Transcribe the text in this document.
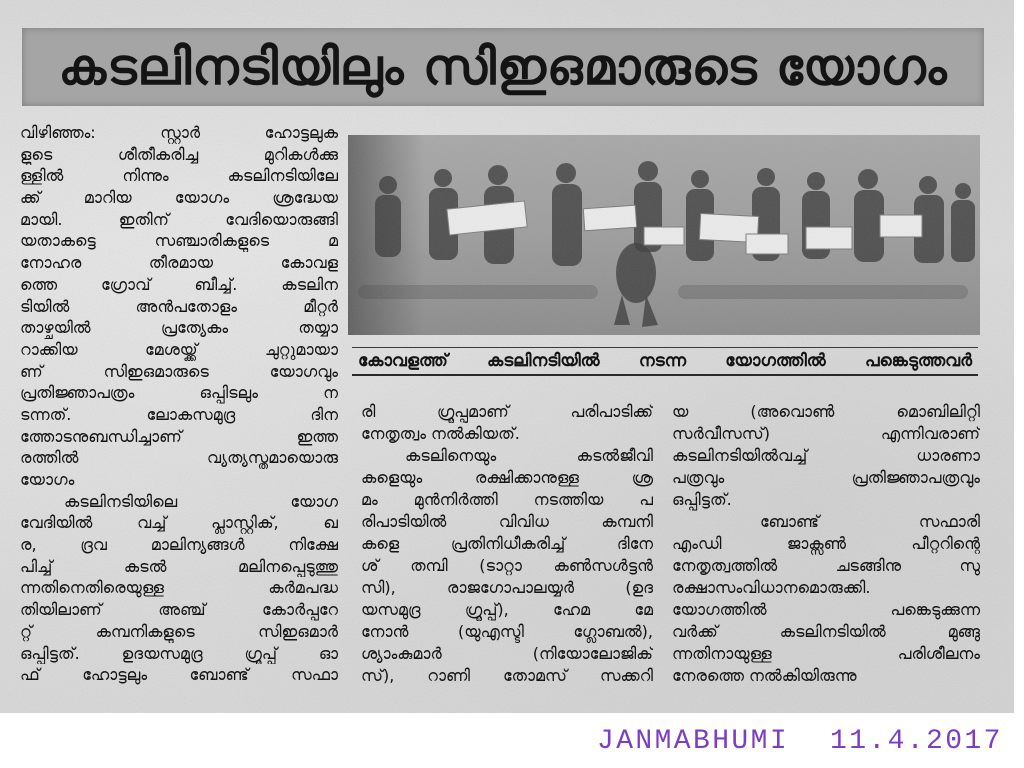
കടലിനടിയിലും സിഇഒമാരുടെ യോഗം
വിഴിഞ്ഞം: സ്റ്റാർ ഹോട്ടലുക
ളുടെ ശീതീകരിച്ച മുറികൾക്കു
ള്ളിൽ നിന്നും കടലിനടിയിലേ
ക്ക് മാറിയ യോഗം ശ്രദ്ധേയ
മായി. ഇതിന് വേദിയൊരുങ്ങി
യതാകട്ടെ സഞ്ചാരികളുടെ മ
നോഹര തീരമായ കോവള
ത്തെ ഗ്രോവ് ബീച്ച്. കടലിന
ടിയിൽ അൻപതോളം മീറ്റർ
താഴ്ചയിൽ പ്രത്യേകം തയ്യാ
റാക്കിയ മേശയ്ക്ക് ചുറ്റുമായാ
ണ് സിഇഒമാരുടെ യോഗവും
പ്രതിജ്ഞാപത്രം ഒപ്പിടലും ന
ടന്നത്. ലോകസമുദ്ര ദിന
ത്തോടനുബന്ധിച്ചാണ് ഇത്ത
രത്തിൽ വ്യത്യസ്തമായൊരു
യോഗം
കടലിനടിയിലെ യോഗ
വേദിയിൽ വച്ച് പ്ലാസ്റ്റിക്, ഖ
ര, ദ്രവ മാലിന്യങ്ങൾ നിക്ഷേ
പിച്ച് കടൽ മലിനപ്പെടുത്തു
ന്നതിനെതിരെയുള്ള കർമപദ്ധ
തിയിലാണ് അഞ്ച് കോർപ്പറേ
റ്റ് കമ്പനികളുടെ സിഇഒമാർ
ഒപ്പിട്ടത്. ഉദയസമുദ്ര ഗ്രൂപ്പ് ഓ
ഫ് ഹോട്ടലും ബോണ്ട് സഫാ
കോവളത്ത് കടലിനടിയിൽ നടന്ന യോഗത്തിൽ പങ്കെടുത്തവർ
രി ഗ്രൂപ്പുമാണ് പരിപാടിക്ക്
നേതൃത്വം നൽകിയത്.
കടലിനെയും കടൽജീവി
കളെയും രക്ഷിക്കാനുള്ള ശ്ര
മം മുൻനിർത്തി നടത്തിയ പ
രിപാടിയിൽ വിവിധ കമ്പനി
കളെ പ്രതിനിധീകരിച്ച് ദിനേ
ശ് തമ്പി (ടാറ്റാ കൺസൾട്ടൻ
സി), രാജഗോപാലയ്യർ (ഉദ
യസമുദ്ര ഗ്രൂപ്പ്), ഹേമ മേ
നോൻ (യുഎസ്ടി ഗ്ലോബൽ),
ശ്യാംകുമാർ (നിയോലോജിക്
സ്), റാണി തോമസ് സക്കറി
യ (അവൊൺ മൊബിലിറ്റി
സർവീസസ്) എന്നിവരാണ്
കടലിനടിയിൽവച്ച് ധാരണാ
പത്രവും പ്രതിജ്ഞാപത്രവും
ഒപ്പിട്ടത്.
ബോണ്ട് സഫാരി
എംഡി ജാക്സൺ പീറ്ററിന്റെ
നേതൃത്വത്തിൽ ചടങ്ങിനു സു
രക്ഷാസംവിധാനമൊരുക്കി.
യോഗത്തിൽ പങ്കെടുക്കുന്ന
വർക്ക് കടലിനടിയിൽ മുങ്ങു
ന്നതിനായുള്ള പരിശീലനം
നേരത്തെ നൽകിയിരുന്നു
JANMABHUMI 11.4.2017
